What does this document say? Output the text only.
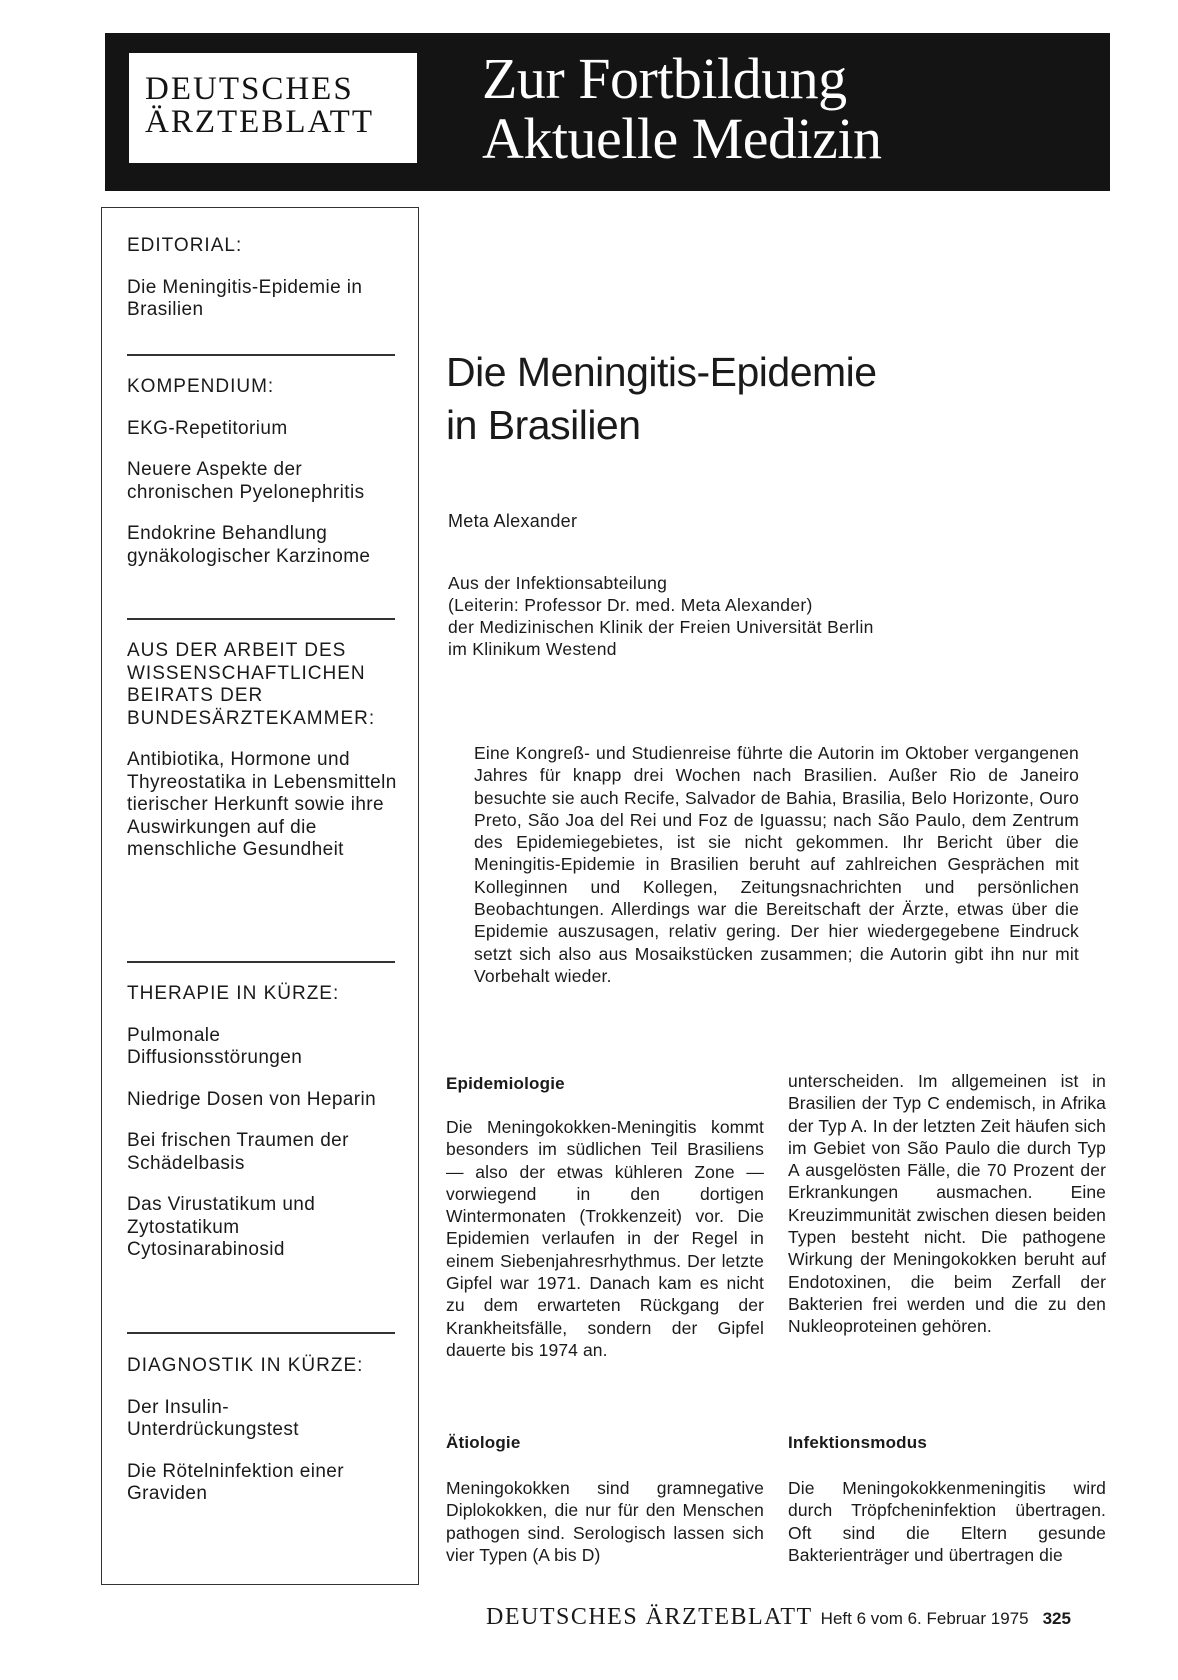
DEUTSCHES
ÄRZTEBLATT
Zur Fortbildung
Aktuelle Medizin

EDITORIAL:

Die Meningitis-Epidemie in Brasilien

KOMPENDIUM:

EKG-Repetitorium

Neuere Aspekte der chronischen Pyelonephritis

Endokrine Behandlung gynäkologischer Karzinome

AUS DER ARBEIT DES WISSENSCHAFTLICHEN BEIRATS DER BUNDESÄRZTEKAMMER:

Antibiotika, Hormone und Thyreostatika in Lebensmitteln tierischer Herkunft sowie ihre Auswirkungen auf die menschliche Gesundheit

THERAPIE IN KÜRZE:

Pulmonale Diffusionsstörungen

Niedrige Dosen von Heparin

Bei frischen Traumen der Schädelbasis

Das Virustatikum und Zytostatikum Cytosinarabinosid

DIAGNOSTIK IN KÜRZE:

Der Insulin-Unterdrückungstest

Die Rötelninfektion einer Graviden

Die Meningitis-Epidemie
in Brasilien
Meta Alexander
Aus der Infektionsabteilung
(Leiterin: Professor Dr. med. Meta Alexander)
der Medizinischen Klinik der Freien Universität Berlin
im Klinikum Westend
Eine Kongreß- und Studienreise führte die Autorin im Oktober vergangenen Jahres für knapp drei Wochen nach Brasilien. Außer Rio de Janeiro besuchte sie auch Recife, Salvador de Bahia, Brasilia, Belo Horizonte, Ouro Preto, São Joa del Rei und Foz de Iguassu; nach São Paulo, dem Zentrum des Epidemiegebietes, ist sie nicht gekommen. Ihr Bericht über die Meningitis-Epidemie in Brasilien beruht auf zahlreichen Gesprächen mit Kolleginnen und Kollegen, Zeitungsnachrichten und persönlichen Beobachtungen. Allerdings war die Bereitschaft der Ärzte, etwas über die Epidemie auszusagen, relativ gering. Der hier wiedergegebene Eindruck setzt sich also aus Mosaikstücken zusammen; die Autorin gibt ihn nur mit Vorbehalt wieder.
Epidemiologie

Die Meningokokken-Meningitis kommt besonders im südlichen Teil Brasiliens — also der etwas kühleren Zone — vorwiegend in den dortigen Wintermonaten (Trokkenzeit) vor. Die Epidemien verlaufen in der Regel in einem Siebenjahresrhythmus. Der letzte Gipfel war 1971. Danach kam es nicht zu dem erwarteten Rückgang der Krankheitsfälle, sondern der Gipfel dauerte bis 1974 an.

Ätiologie

Meningokokken sind gramnegative Diplokokken, die nur für den Menschen pathogen sind. Serologisch lassen sich vier Typen (A bis D)

unterscheiden. Im allgemeinen ist in Brasilien der Typ C endemisch, in Afrika der Typ A. In der letzten Zeit häufen sich im Gebiet von São Paulo die durch Typ A ausgelösten Fälle, die 70 Prozent der Erkrankungen ausmachen. Eine Kreuzimmunität zwischen diesen beiden Typen besteht nicht. Die pathogene Wirkung der Meningokokken beruht auf Endotoxinen, die beim Zerfall der Bakterien frei werden und die zu den Nukleoproteinen gehören.

Infektionsmodus

Die Meningokokkenmeningitis wird durch Tröpfcheninfektion übertragen. Oft sind die Eltern gesunde Bakterienträger und übertragen die

DEUTSCHES ÄRZTEBLATT Heft 6 vom 6. Februar 1975 325
